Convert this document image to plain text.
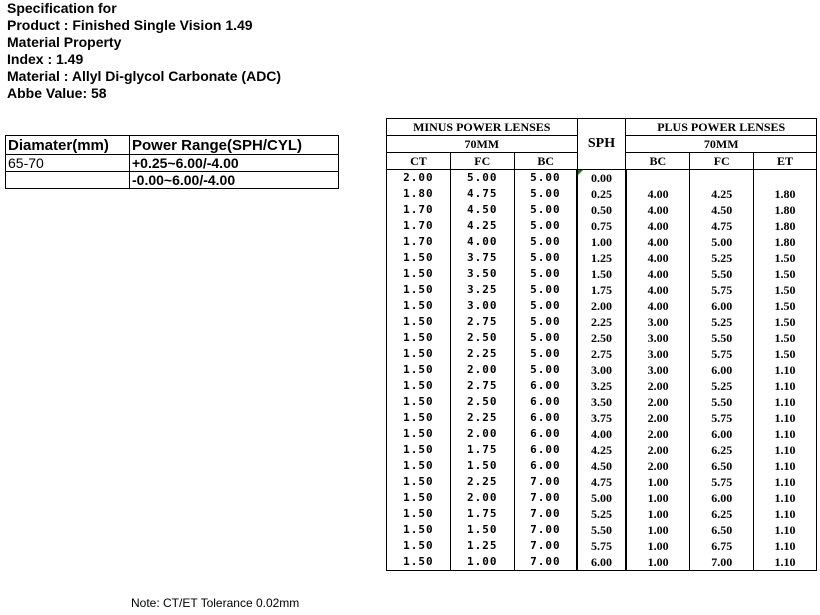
Specification for
Product : Finished Single Vision 1.49
Material Property
Index : 1.49
Material : Allyl Di-glycol Carbonate (ADC)
Abbe Value: 58
Diamater(mm)	Power Range(SPH/CYL)
65-70	+0.25~6.00/-4.00
	-0.00~6.00/-4.00
MINUS POWER LENSES			SPH	PLUS POWER LENSES		
70MM				70MM		
CT	FC	BC		BC	FC	ET
2.00	5.00	5.00	0.00			
1.80	4.75	5.00	0.25	4.00	4.25	1.80
1.70	4.50	5.00	0.50	4.00	4.50	1.80
1.70	4.25	5.00	0.75	4.00	4.75	1.80
1.70	4.00	5.00	1.00	4.00	5.00	1.80
1.50	3.75	5.00	1.25	4.00	5.25	1.50
1.50	3.50	5.00	1.50	4.00	5.50	1.50
1.50	3.25	5.00	1.75	4.00	5.75	1.50
1.50	3.00	5.00	2.00	4.00	6.00	1.50
1.50	2.75	5.00	2.25	3.00	5.25	1.50
1.50	2.50	5.00	2.50	3.00	5.50	1.50
1.50	2.25	5.00	2.75	3.00	5.75	1.50
1.50	2.00	5.00	3.00	3.00	6.00	1.10
1.50	2.75	6.00	3.25	2.00	5.25	1.10
1.50	2.50	6.00	3.50	2.00	5.50	1.10
1.50	2.25	6.00	3.75	2.00	5.75	1.10
1.50	2.00	6.00	4.00	2.00	6.00	1.10
1.50	1.75	6.00	4.25	2.00	6.25	1.10
1.50	1.50	6.00	4.50	2.00	6.50	1.10
1.50	2.25	7.00	4.75	1.00	5.75	1.10
1.50	2.00	7.00	5.00	1.00	6.00	1.10
1.50	1.75	7.00	5.25	1.00	6.25	1.10
1.50	1.50	7.00	5.50	1.00	6.50	1.10
1.50	1.25	7.00	5.75	1.00	6.75	1.10
1.50	1.00	7.00	6.00	1.00	7.00	1.10
Note: CT/ET Tolerance 0.02mm
